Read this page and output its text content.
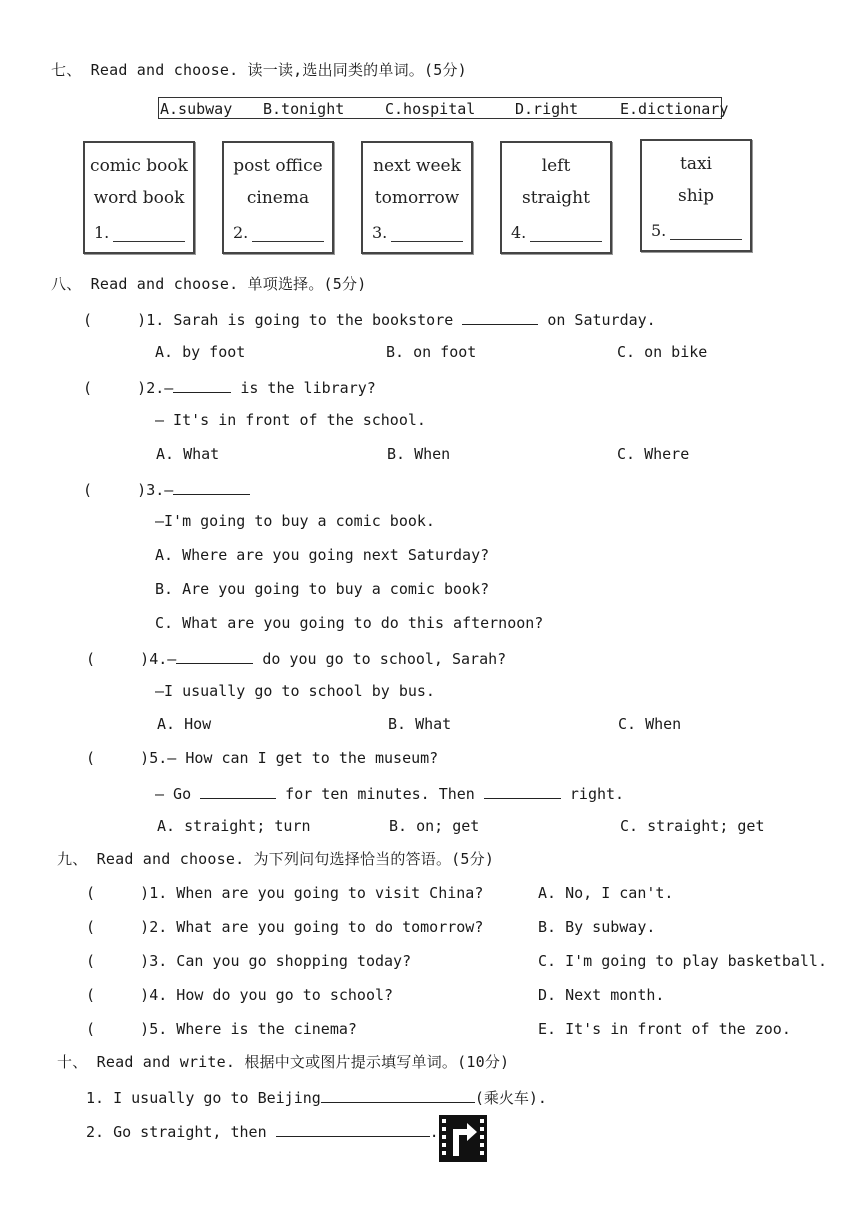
七、 Read and choose. 读一读,选出同类的单词。(5分)
A.subway B.tonight	C.hospital	D.right	E.dictionary
comic book
word book
1.
post office
cinema
2.
next week
tomorrow
3.
left
straight
4.
taxi
ship
5.
八、 Read and choose. 单项选择。(5分)
(     )1. Sarah is going to the bookstore	on Saturday.
A. by foot	B. on foot	C. on bike
(     )2.—	is the library?
— It's in front of the school.
A. What	B. When	C. Where
(     )3.—
—I'm going to buy a comic book.
A. Where are you going next Saturday?
B. Are you going to buy a comic book?
C. What are you going to do this afternoon?
(     )4.—	do you go to school, Sarah?
—I usually go to school by bus.
A. How	B. What	C. When
(     )5.— How can I get to the museum?
— Go	for ten minutes. Then	right.
A. straight; turn	B. on; get	C. straight; get
九、 Read and choose. 为下列问句选择恰当的答语。(5分)
(     )1. When are you going to visit China?	A. No, I can't.
(     )2. What are you going to do tomorrow?	B. By subway.
(     )3. Can you go shopping today?	C. I'm going to play basketball.
(     )4. How do you go to school?	D. Next month.
(     )5. Where is the cinema?	E. It's in front of the zoo.
十、 Read and write. 根据中文或图片提示填写单词。(10分)
1. I usually go to Beijing	(乘火车).
2. Go straight, then	.
